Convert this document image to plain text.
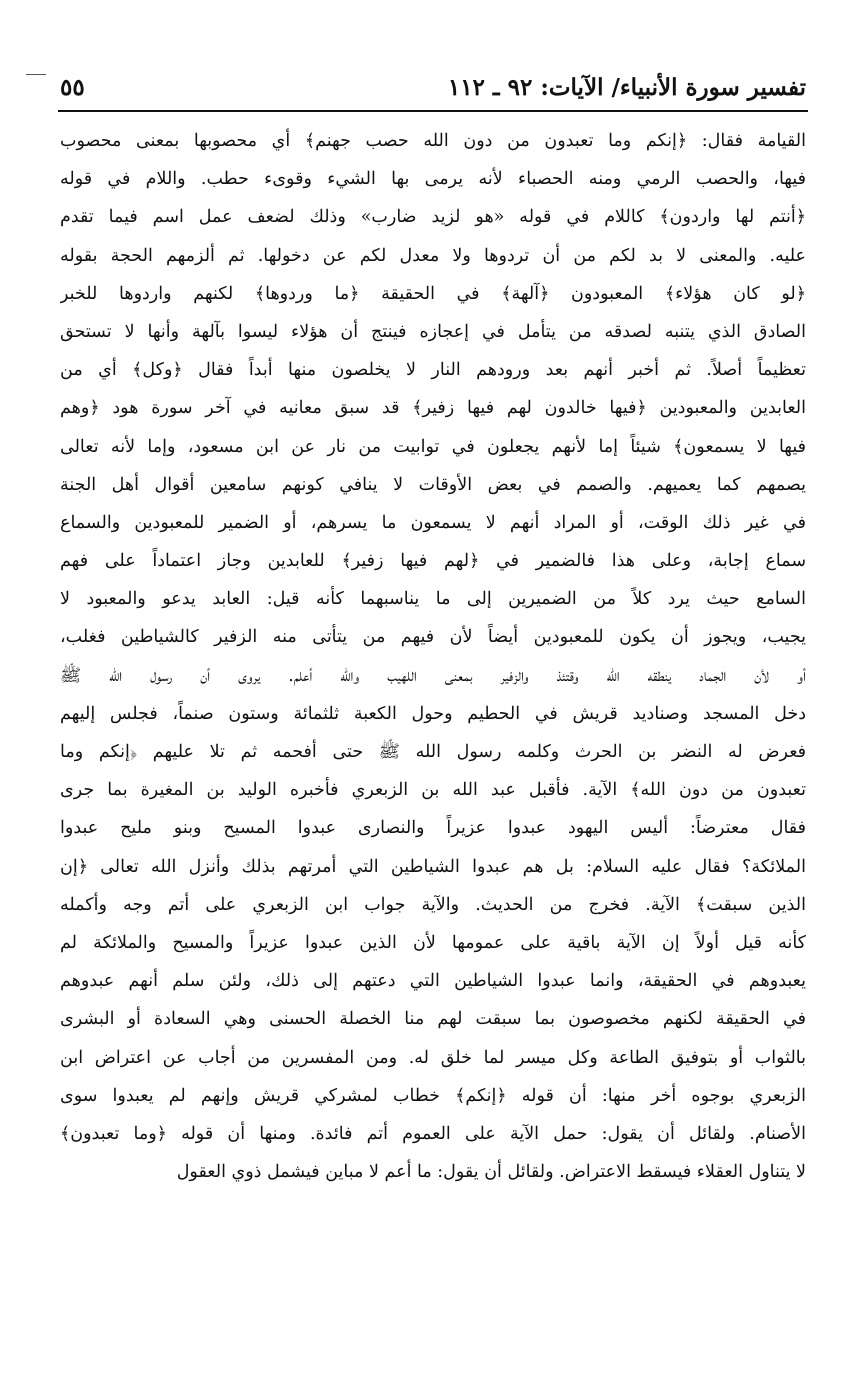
تفسير سورة الأنبياء/ الآيات: ٩٢ ـ ١١٢
٥٥
القيامة فقال: ﴿إنكم وما تعبدون من دون الله حصب جهنم﴾ أي محصوبها بمعنى محصوب
فيها، والحصب الرمي ومنه الحصباء لأنه يرمى بها الشيء وقوىء حطب. واللام في قوله
﴿أنتم لها واردون﴾ كاللام في قوله «هو لزيد ضارب» وذلك لضعف عمل اسم فيما تقدم
عليه. والمعنى لا بد لكم من أن تردوها ولا معدل لكم عن دخولها. ثم ألزمهم الحجة بقوله
﴿لو كان هؤلاء﴾ المعبودون ﴿آلهة﴾ في الحقيقة ﴿ما وردوها﴾ لكنهم واردوها للخبر
الصادق الذي يتنبه لصدقه من يتأمل في إعجازه فينتج أن هؤلاء ليسوا بآلهة وأنها لا تستحق
تعظيماً أصلاً. ثم أخبر أنهم بعد ورودهم النار لا يخلصون منها أبداً فقال ﴿وكل﴾ أي من
العابدين والمعبودين ﴿فيها خالدون لهم فيها زفير﴾ قد سبق معانيه في آخر سورة هود ﴿وهم
فيها لا يسمعون﴾ شيئاً إما لأنهم يجعلون في توابيت من نار عن ابن مسعود، وإما لأنه تعالى
يصمهم كما يعميهم. والصمم في بعض الأوقات لا ينافي كونهم سامعين أقوال أهل الجنة
في غير ذلك الوقت، أو المراد أنهم لا يسمعون ما يسرهم، أو الضمير للمعبودين والسماع
سماع إجابة، وعلى هذا فالضمير في ﴿لهم فيها زفير﴾ للعابدين وجاز اعتماداً على فهم
السامع حيث يرد كلاً من الضميرين إلى ما يناسبهما كأنه قيل: العابد يدعو والمعبود لا
يجيب، ويجوز أن يكون للمعبودين أيضاً لأن فيهم من يتأتى منه الزفير كالشياطين فغلب،
أو لأن الجماد ينطقه الله وقتئذ والزفير بمعنى اللهيب والله أعلم. يروى أن رسول الله ﷺ
دخل المسجد وصناديد قريش في الحطيم وحول الكعبة ثلثمائة وستون صنماً، فجلس إليهم
فعرض له النضر بن الحرث وكلمه رسول الله ﷺ حتى أفحمه ثم تلا عليهم ﴿إنكم وما
تعبدون من دون الله﴾ الآية. فأقبل عبد الله بن الزبعري فأخبره الوليد بن المغيرة بما جرى
فقال معترضاً: أليس اليهود عبدوا عزيراً والنصارى عبدوا المسيح وبنو مليح عبدوا
الملائكة؟ فقال عليه السلام: بل هم عبدوا الشياطين التي أمرتهم بذلك وأنزل الله تعالى ﴿إن
الذين سبقت﴾ الآية. فخرج من الحديث. والآية جواب ابن الزبعري على أتم وجه وأكمله
كأنه قيل أولاً إن الآية باقية على عمومها لأن الذين عبدوا عزيراً والمسيح والملائكة لم
يعبدوهم في الحقيقة، وانما عبدوا الشياطين التي دعتهم إلى ذلك، ولئن سلم أنهم عبدوهم
في الحقيقة لكنهم مخصوصون بما سبقت لهم منا الخصلة الحسنى وهي السعادة أو البشرى
بالثواب أو بتوفيق الطاعة وكل ميسر لما خلق له. ومن المفسرين من أجاب عن اعتراض ابن
الزبعري بوجوه أخر منها: أن قوله ﴿إنكم﴾ خطاب لمشركي قريش وإنهم لم يعبدوا سوى
الأصنام. ولقائل أن يقول: حمل الآية على العموم أتم فائدة. ومنها أن قوله ﴿وما تعبدون﴾
لا يتناول العقلاء فيسقط الاعتراض. ولقائل أن يقول: ما أعم لا مباين فيشمل ذوي العقول
